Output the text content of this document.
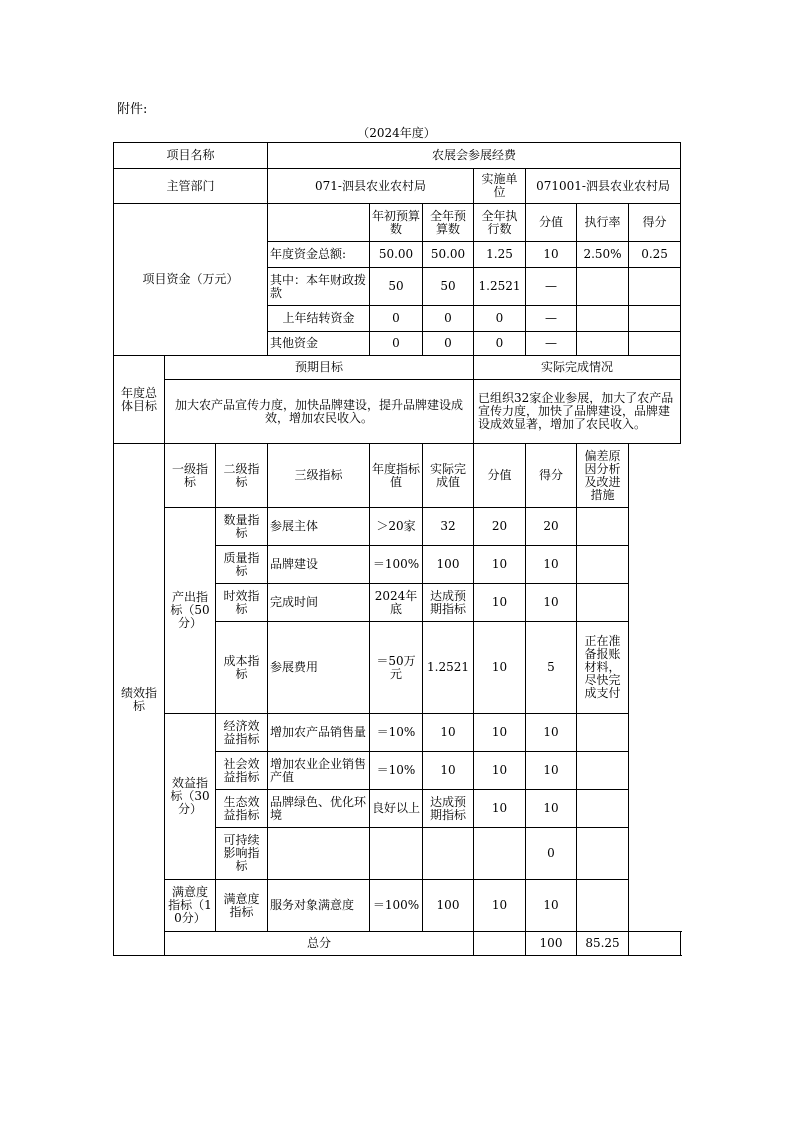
附件:
（2024年度）
项目名称			农展会参展经费						
主管部门			071-泗县农业农村局			实施单位	071001-泗县农业农村局		
项目资金（万元）				年初预算数	全年预算数	全年执行数	分值	执行率	得分
			年度资金总额:	50.00	50.00	1.25	10	2.50%	0.25
			其中：本年财政拨款	50	50	1.2521	—		
			上年结转资金	0	0	0	—		
			其他资金	0	0	0	—		
年度总体目标	预期目标					实际完成情况			
	加大农产品宣传力度，加快品牌建设，提升品牌建设成效，增加农民收入。					已组织32家企业参展，加大了农产品宣传力度，加快了品牌建设，品牌建设成效显著，增加了农民收入。			
绩效指标	一级指标	二级指标	三级指标	年度指标值	实际完成值	分值	得分	偏差原因分析及改进措施	
	产出指标（50分）	数量指标	参展主体	＞20家	32	20	20		
		质量指标	品牌建设	＝100%	100	10	10		
		时效指标	完成时间	2024年底	达成预期指标	10	10		
		成本指标	参展费用	＝50万元	1.2521	10	5	正在准备报账材料，尽快完成支付	
	效益指标（30分）	经济效益指标	增加农产品销售量	＝10%	10	10	10		
		社会效益指标	增加农业企业销售产值	＝10%	10	10	10		
		生态效益指标	品牌绿色、优化环境	良好以上	达成预期指标	10	10		
		可持续影响指标					0		
	满意度指标（10分）	满意度指标	服务对象满意度	＝100%	100	10	10		
	总分						100	85.25	
